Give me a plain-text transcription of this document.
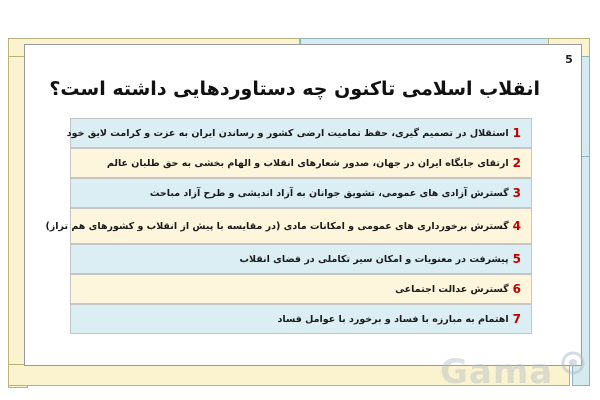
5
انقلاب اسلامی تاکنون چه دستاوردهایی داشته است؟
1
استقلال در تصمیم گیری، حفظ تمامیت ارضی کشور و رساندن ایران به عزت و کرامت لایق خود
2
ارتقای جایگاه ایران در جهان، صدور شعارهای انقلاب و الهام بخشی به حق طلبان عالم
3
گسترش آزادی های عمومی، تشویق جوانان به آزاد اندیشی و طرح آزاد مباحث
4
گسترش برخورداری های عمومی و امکانات مادی (در مقایسه با پیش از انقلاب و کشورهای هم تراز)
5
پیشرفت در معنویات و امکان سیر تکاملی در فضای انقلاب
6
گسترش عدالت اجتماعی
7
اهتمام به مبارزه با فساد و برخورد با عوامل فساد
Gama
